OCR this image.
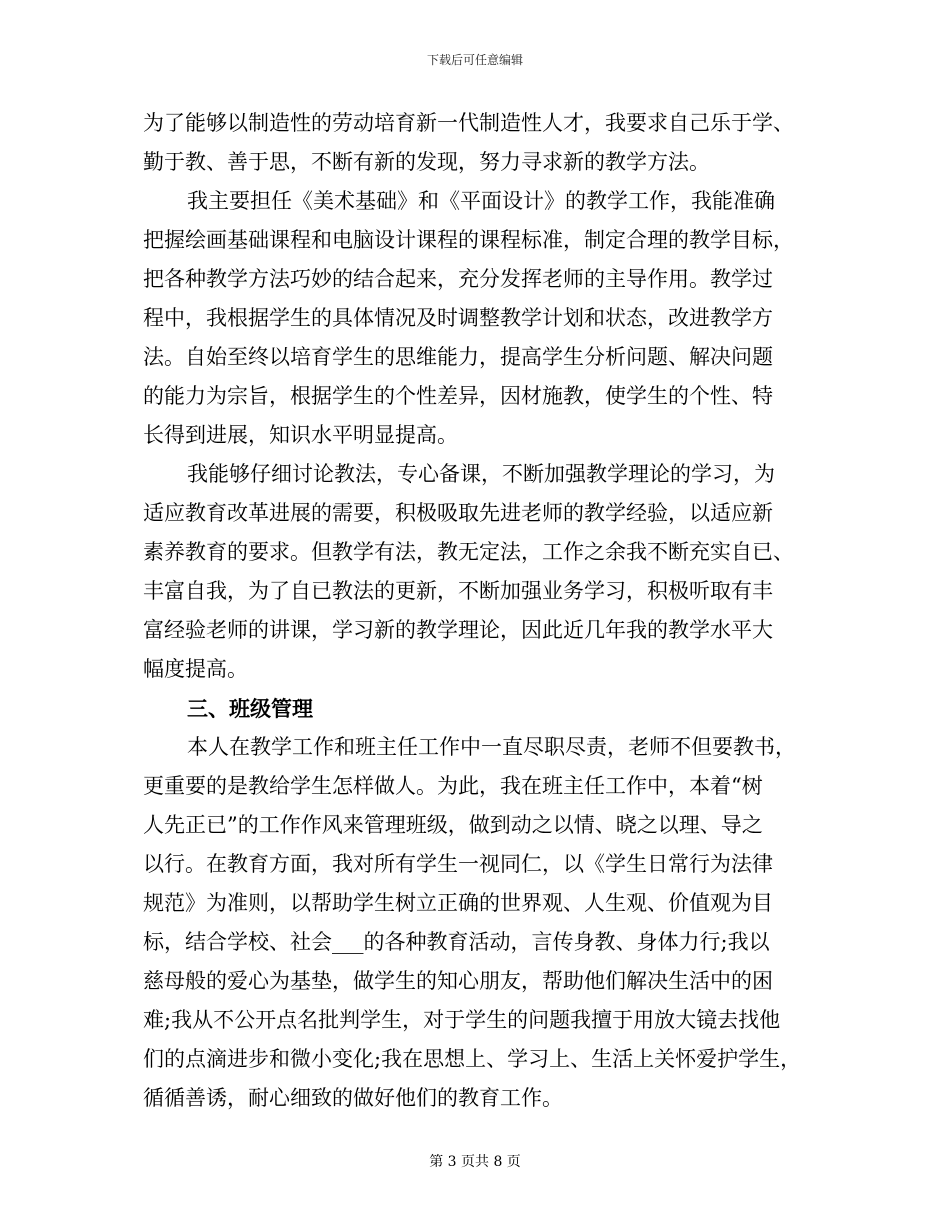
下载后可任意编辑
为了能够以制造性的劳动培育新一代制造性人才，我要求自己乐于学、
勤于教、善于思，不断有新的发现，努力寻求新的教学方法。
我主要担任《美术基础》和《平面设计》的教学工作，我能准确
把握绘画基础课程和电脑设计课程的课程标准，制定合理的教学目标，
把各种教学方法巧妙的结合起来，充分发挥老师的主导作用。教学过
程中，我根据学生的具体情况及时调整教学计划和状态，改进教学方
法。自始至终以培育学生的思维能力，提高学生分析问题、解决问题
的能力为宗旨，根据学生的个性差异，因材施教，使学生的个性、特
长得到进展，知识水平明显提高。
我能够仔细讨论教法，专心备课，不断加强教学理论的学习，为
适应教育改革进展的需要，积极吸取先进老师的教学经验，以适应新
素养教育的要求。但教学有法，教无定法，工作之余我不断充实自已、
丰富自我，为了自已教法的更新，不断加强业务学习，积极听取有丰
富经验老师的讲课，学习新的教学理论，因此近几年我的教学水平大
幅度提高。
三、班级管理
本人在教学工作和班主任工作中一直尽职尽责，老师不但要教书，
更重要的是教给学生怎样做人。为此，我在班主任工作中，本着“树
人先正已”的工作作风来管理班级，做到动之以情、晓之以理、导之
以行。在教育方面，我对所有学生一视同仁，以《学生日常行为法律
规范》为准则，以帮助学生树立正确的世界观、人生观、价值观为目
标，结合学校、社会___的各种教育活动，言传身教、身体力行;我以
慈母般的爱心为基垫，做学生的知心朋友，帮助他们解决生活中的困
难;我从不公开点名批判学生，对于学生的问题我擅于用放大镜去找他
们的点滴进步和微小变化;我在思想上、学习上、生活上关怀爱护学生，
循循善诱，耐心细致的做好他们的教育工作。
第 3 页共 8 页
